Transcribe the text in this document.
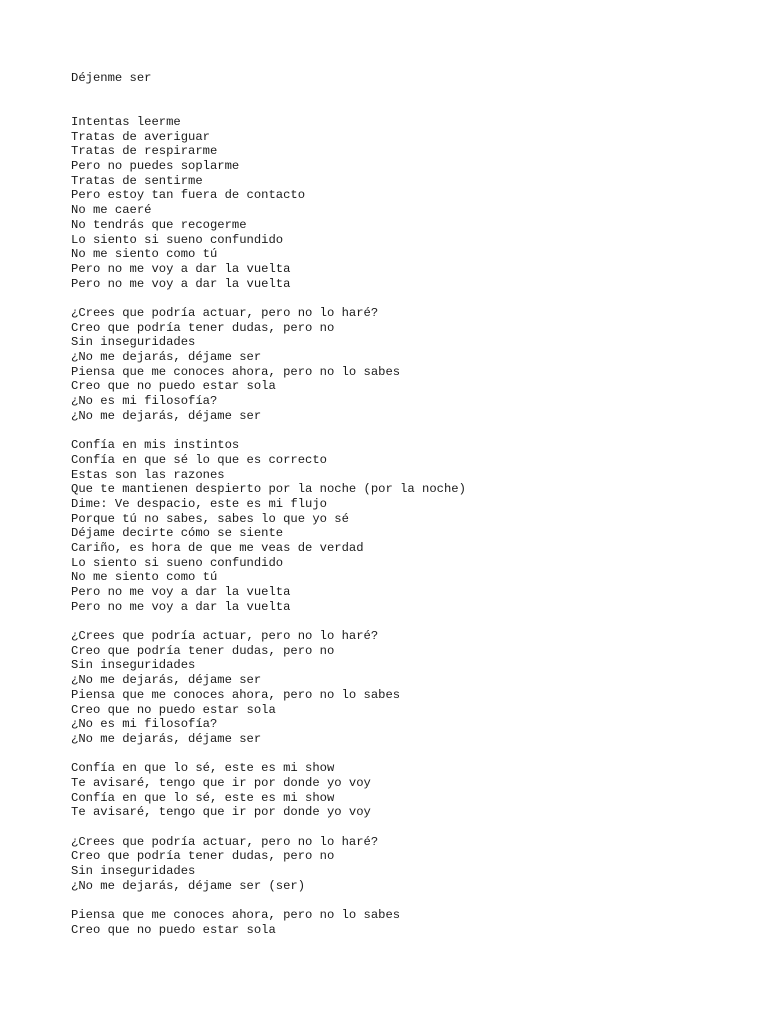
Déjenme ser
Intentas leerme
Tratas de averiguar
Tratas de respirarme
Pero no puedes soplarme
Tratas de sentirme
Pero estoy tan fuera de contacto
No me caeré
No tendrás que recogerme
Lo siento si sueno confundido
No me siento como tú
Pero no me voy a dar la vuelta
Pero no me voy a dar la vuelta
¿Crees que podría actuar, pero no lo haré?
Creo que podría tener dudas, pero no
Sin inseguridades
¿No me dejarás, déjame ser
Piensa que me conoces ahora, pero no lo sabes
Creo que no puedo estar sola
¿No es mi filosofía?
¿No me dejarás, déjame ser
Confía en mis instintos
Confía en que sé lo que es correcto
Estas son las razones
Que te mantienen despierto por la noche (por la noche)
Dime: Ve despacio, este es mi flujo
Porque tú no sabes, sabes lo que yo sé
Déjame decirte cómo se siente
Cariño, es hora de que me veas de verdad
Lo siento si sueno confundido
No me siento como tú
Pero no me voy a dar la vuelta
Pero no me voy a dar la vuelta
¿Crees que podría actuar, pero no lo haré?
Creo que podría tener dudas, pero no
Sin inseguridades
¿No me dejarás, déjame ser
Piensa que me conoces ahora, pero no lo sabes
Creo que no puedo estar sola
¿No es mi filosofía?
¿No me dejarás, déjame ser
Confía en que lo sé, este es mi show
Te avisaré, tengo que ir por donde yo voy
Confía en que lo sé, este es mi show
Te avisaré, tengo que ir por donde yo voy
¿Crees que podría actuar, pero no lo haré?
Creo que podría tener dudas, pero no
Sin inseguridades
¿No me dejarás, déjame ser (ser)
Piensa que me conoces ahora, pero no lo sabes
Creo que no puedo estar sola
